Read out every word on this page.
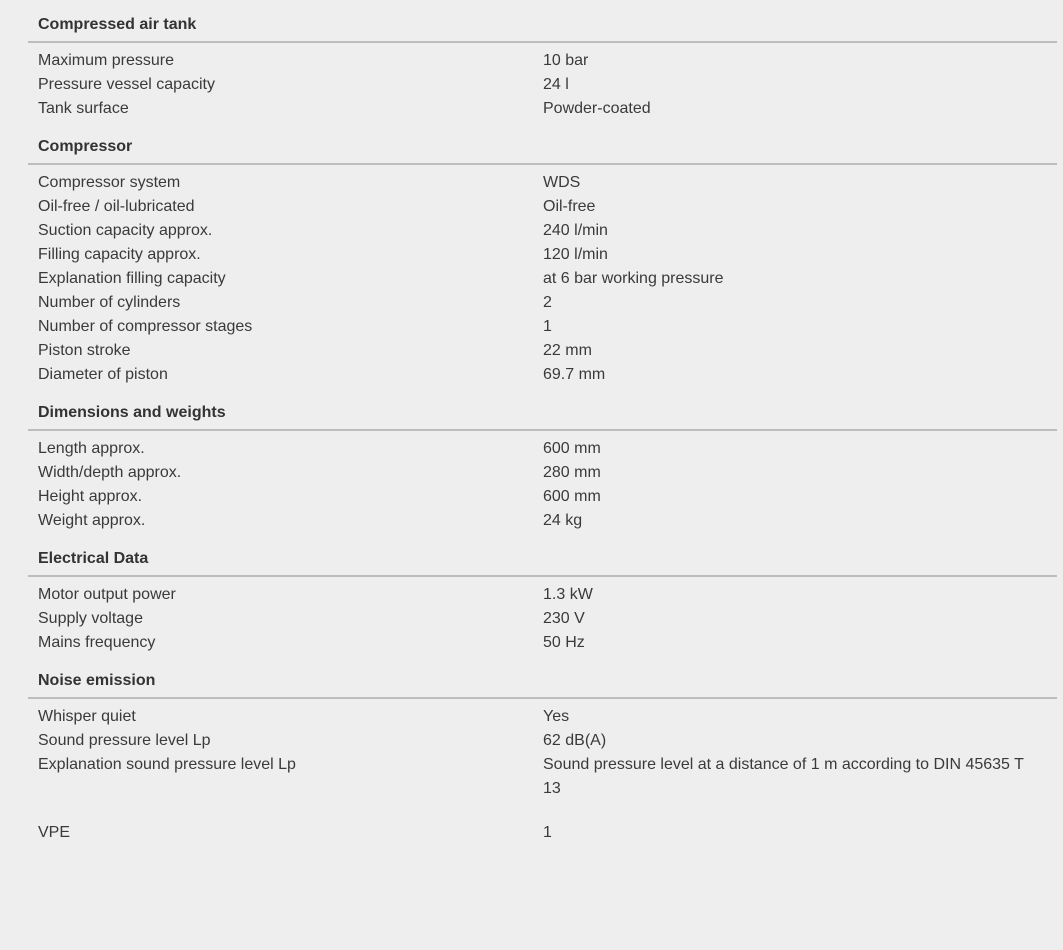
Compressed air tank
Maximum pressure	10 bar
Pressure vessel capacity	24 l
Tank surface	Powder-coated
Compressor
Compressor system	WDS
Oil-free / oil-lubricated	Oil-free
Suction capacity approx.	240 l/min
Filling capacity approx.	120 l/min
Explanation filling capacity	at 6 bar working pressure
Number of cylinders	2
Number of compressor stages	1
Piston stroke	22 mm
Diameter of piston	69.7 mm
Dimensions and weights
Length approx.	600 mm
Width/depth approx.	280 mm
Height approx.	600 mm
Weight approx.	24 kg
Electrical Data
Motor output power	1.3 kW
Supply voltage	230 V
Mains frequency	50 Hz
Noise emission
Whisper quiet	Yes
Sound pressure level Lp	62 dB(A)
Explanation sound pressure level Lp	Sound pressure level at a distance of 1 m according to DIN 45635 T 13
VPE	1
